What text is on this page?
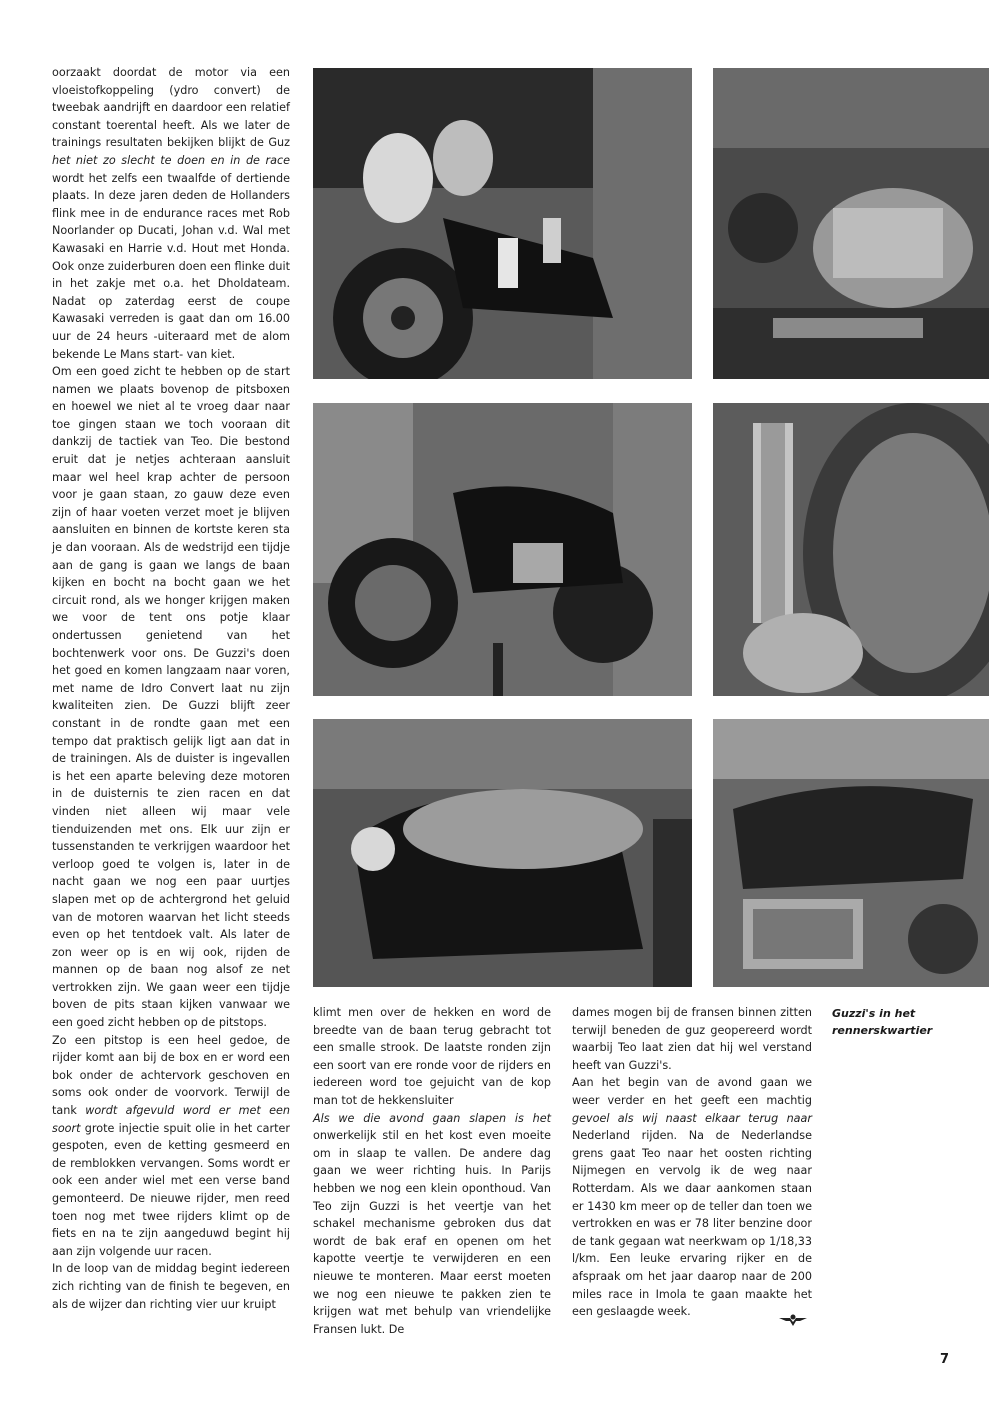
oorzaakt doordat de motor via een vloeistofkoppeling (ydro convert) de tweebak aandrijft en daardoor een relatief constant toerental heeft. Als we later de trainings resultaten bekijken blijkt de Guz het niet zo slecht te doen en in de race wordt het zelfs een twaalfde of dertiende plaats. In deze jaren deden de Hollanders flink mee in de endurance races met Rob Noorlander op Ducati, Johan v.d. Wal met Kawasaki en Harrie v.d. Hout met Honda. Ook onze zuiderburen doen een flinke duit in het zakje met o.a. het Dholdateam. Nadat op zaterdag eerst de coupe Kawasaki verreden is gaat dan om 16.00 uur de 24 heurs -uiteraard met de alom bekende Le Mans start- van kiet.

Om een goed zicht te hebben op de start namen we plaats bovenop de pitsboxen en hoewel we niet al te vroeg daar naar toe gingen staan we toch vooraan dit dankzij de tactiek van Teo. Die bestond eruit dat je netjes achteraan aansluit maar wel heel krap achter de persoon voor je gaan staan, zo gauw deze even zijn of haar voeten verzet moet je blijven aansluiten en binnen de kortste keren sta je dan vooraan. Als de wedstrijd een tijdje aan de gang is gaan we langs de baan kijken en bocht na bocht gaan we het circuit rond, als we honger krijgen maken we voor de tent ons potje klaar ondertussen genietend van het bochtenwerk voor ons. De Guzzi's doen het goed en komen langzaam naar voren, met name de Idro Convert laat nu zijn kwaliteiten zien. De Guzzi blijft zeer constant in de rondte gaan met een tempo dat praktisch gelijk ligt aan dat in de trainingen. Als de duister is ingevallen is het een aparte beleving deze motoren in de duisternis te zien racen en dat vinden niet alleen wij maar vele tienduizenden met ons. Elk uur zijn er tussenstanden te verkrijgen waardoor het verloop goed te volgen is, later in de nacht gaan we nog een paar uurtjes slapen met op de achtergrond het geluid van de motoren waarvan het licht steeds even op het tentdoek valt. Als later de zon weer op is en wij ook, rijden de mannen op de baan nog alsof ze net vertrokken zijn. We gaan weer een tijdje boven de pits staan kijken vanwaar we een goed zicht hebben op de pitstops.

Zo een pitstop is een heel gedoe, de rijder komt aan bij de box en er word een bok onder de achtervork geschoven en soms ook onder de voorvork. Terwijl de tank wordt afgevuld word er met een soort grote injectie spuit olie in het carter gespoten, even de ketting gesmeerd en de remblokken vervangen. Soms wordt er ook een ander wiel met een verse band gemonteerd. De nieuwe rijder, men reed toen nog met twee rijders klimt op de fiets en na te zijn aangeduwd begint hij aan zijn volgende uur racen.

In de loop van de middag begint iedereen zich richting van de finish te begeven, en als de wijzer dan richting vier uur kruipt

klimt men over de hekken en word de breedte van de baan terug gebracht tot een smalle strook. De laatste ronden zijn een soort van ere ronde voor de rijders en iedereen word toe gejuicht van de kop man tot de hekkensluiter

Als we die avond gaan slapen is het onwerkelijk stil en het kost even moeite om in slaap te vallen. De andere dag gaan we weer richting huis. In Parijs hebben we nog een klein oponthoud. Van Teo zijn Guzzi is het veertje van het schakel mechanisme gebroken dus dat wordt de bak eraf en openen om het kapotte veertje te verwijderen en een nieuwe te monteren. Maar eerst moeten we nog een nieuwe te pakken zien te krijgen wat met behulp van vriendelijke Fransen lukt. De

dames mogen bij de fransen binnen zitten terwijl beneden de guz geopereerd wordt waarbij Teo laat zien dat hij wel verstand heeft van Guzzi's.

Aan het begin van de avond gaan we weer verder en het geeft een machtig gevoel als wij naast elkaar terug naar Nederland rijden. Na de Nederlandse grens gaat Teo naar het oosten richting Nijmegen en vervolg ik de weg naar Rotterdam. Als we daar aankomen staan er 1430 km meer op de teller dan toen we vertrokken en was er 78 liter benzine door de tank gegaan wat neerkwam op 1/18,33 l/km. Een leuke ervaring rijker en de afspraak om het jaar daarop naar de 200 miles race in Imola te gaan maakte het een geslaagde week.

Guzzi's in het
rennerskwartier
7
